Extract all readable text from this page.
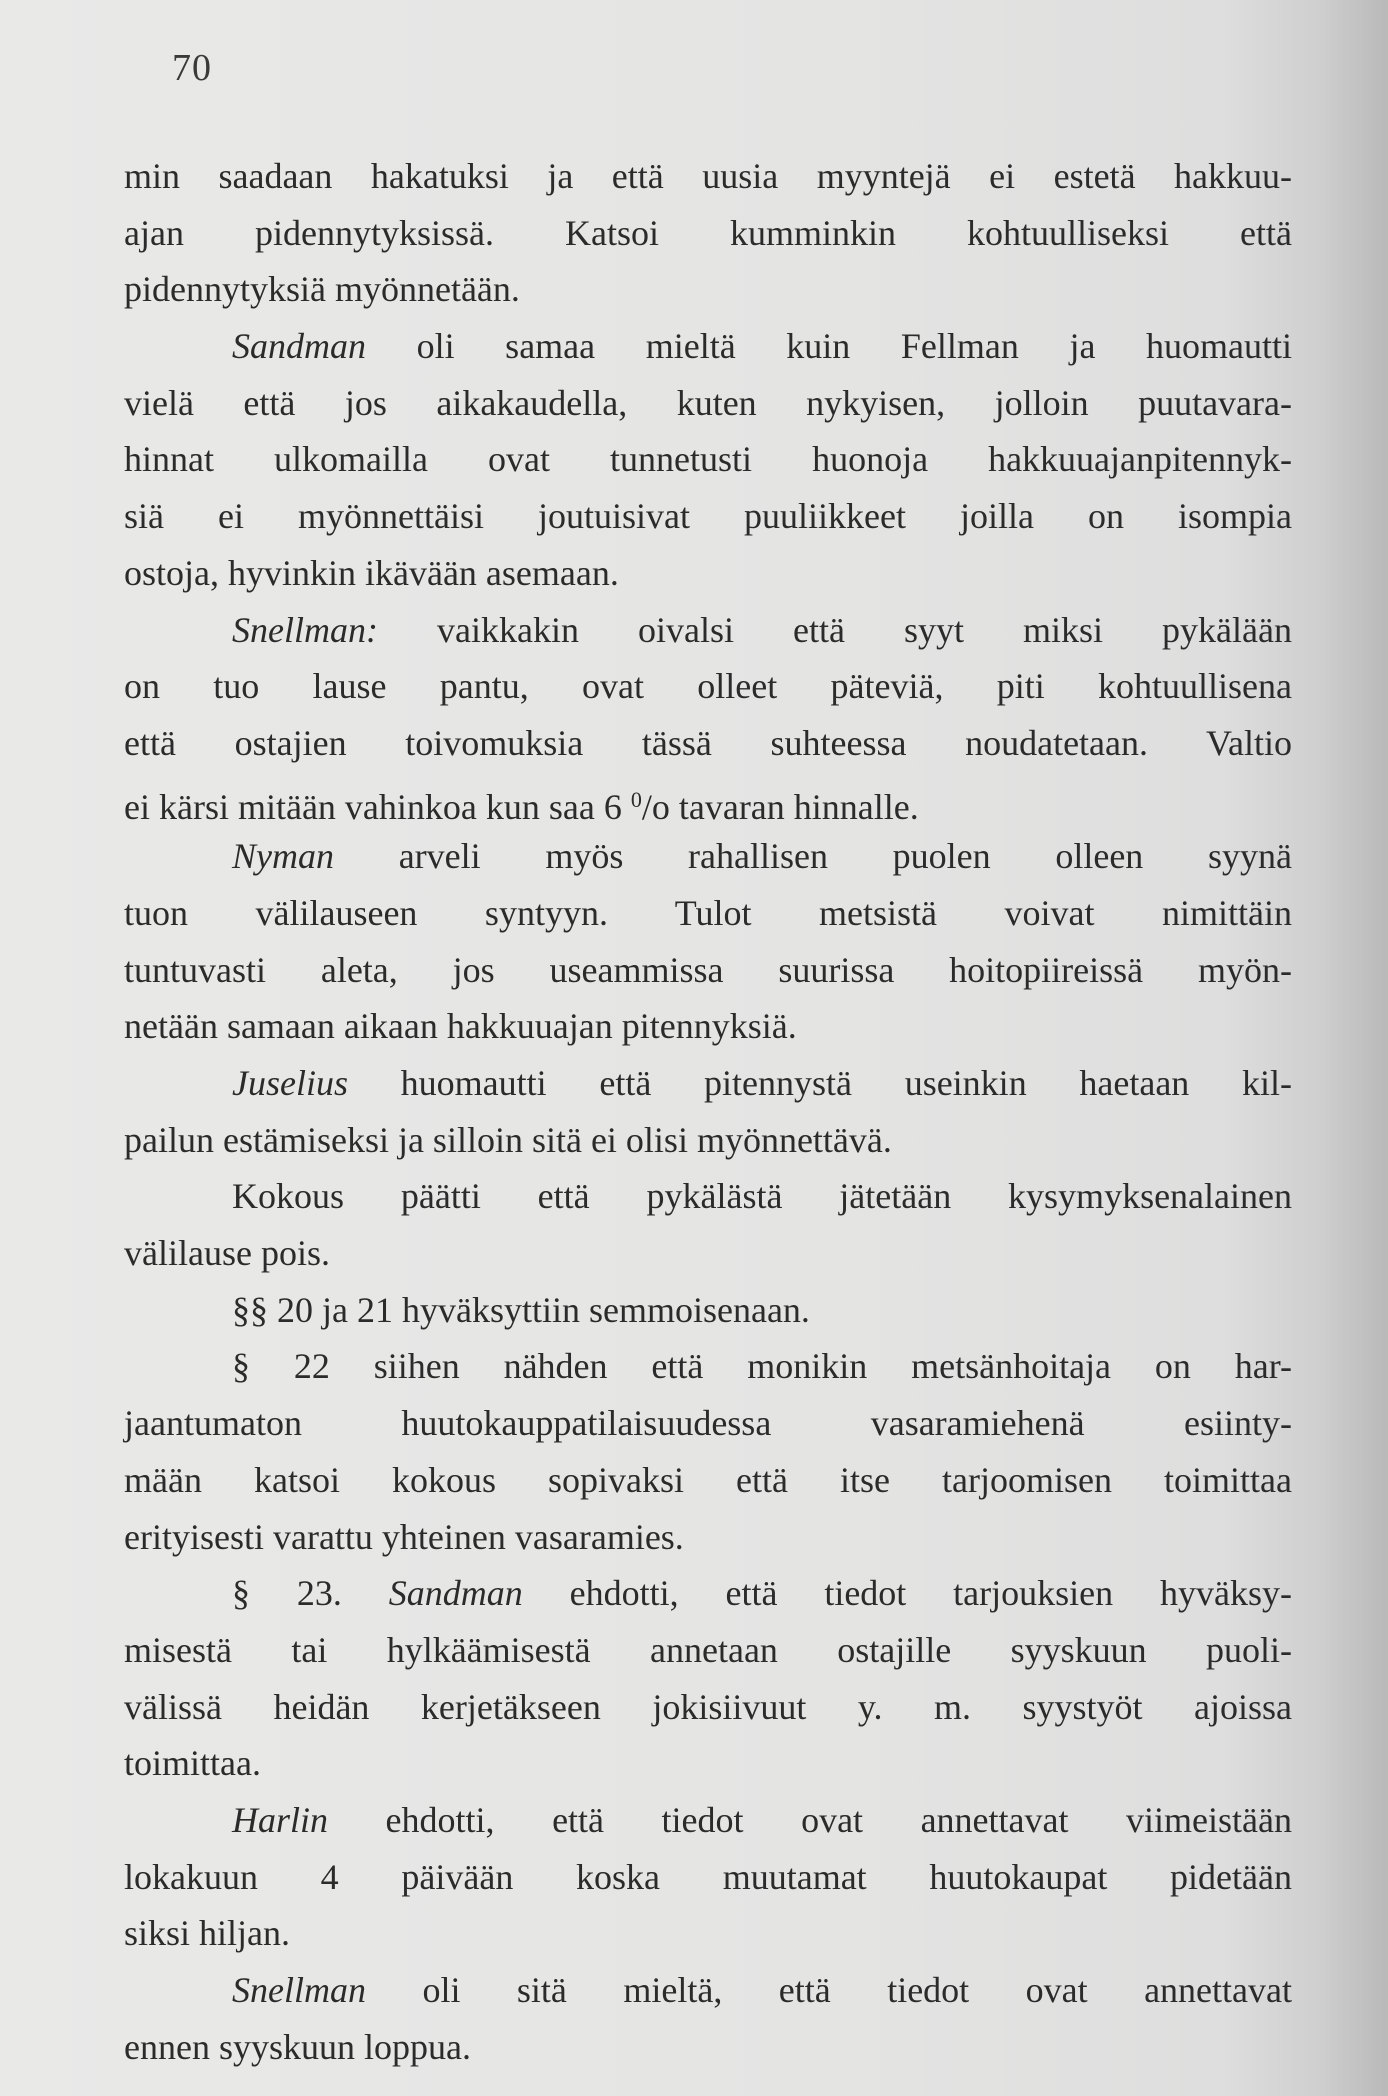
70
min saadaan hakatuksi ja että uusia myyntejä ei estetä hakkuu-
ajan pidennytyksissä. Katsoi kumminkin kohtuulliseksi että
pidennytyksiä myönnetään.
Sandman oli samaa mieltä kuin Fellman ja huomautti
vielä että jos aikakaudella, kuten nykyisen, jolloin puutavara-
hinnat ulkomailla ovat tunnetusti huonoja hakkuuajanpitennyk-
siä ei myönnettäisi joutuisivat puuliikkeet joilla on isompia
ostoja, hyvinkin ikävään asemaan.
Snellman: vaikkakin oivalsi että syyt miksi pykälään
on tuo lause pantu, ovat olleet päteviä, piti kohtuullisena
että ostajien toivomuksia tässä suhteessa noudatetaan. Valtio
ei kärsi mitään vahinkoa kun saa 6 $^0$/o tavaran hinnalle.
Nyman arveli myös rahallisen puolen olleen syynä
tuon välilauseen syntyyn. Tulot metsistä voivat nimittäin
tuntuvasti aleta, jos useammissa suurissa hoitopiireissä myön-
netään samaan aikaan hakkuuajan pitennyksiä.
Juselius huomautti että pitennystä useinkin haetaan kil-
pailun estämiseksi ja silloin sitä ei olisi myönnettävä.
Kokous päätti että pykälästä jätetään kysymyksenalainen
välilause pois.
§§ 20 ja 21 hyväksyttiin semmoisenaan.
§ 22 siihen nähden että monikin metsänhoitaja on har-
jaantumaton huutokauppatilaisuudessa vasaramiehenä esiinty-
mään katsoi kokous sopivaksi että itse tarjoomisen toimittaa
erityisesti varattu yhteinen vasaramies.
§ 23. Sandman ehdotti, että tiedot tarjouksien hyväksy-
misestä tai hylkäämisestä annetaan ostajille syyskuun puoli-
välissä heidän kerjetäkseen jokisiivuut y. m. syystyöt ajoissa
toimittaa.
Harlin ehdotti, että tiedot ovat annettavat viimeistään
lokakuun 4 päivään koska muutamat huutokaupat pidetään
siksi hiljan.
Snellman oli sitä mieltä, että tiedot ovat annettavat
ennen syyskuun loppua.
